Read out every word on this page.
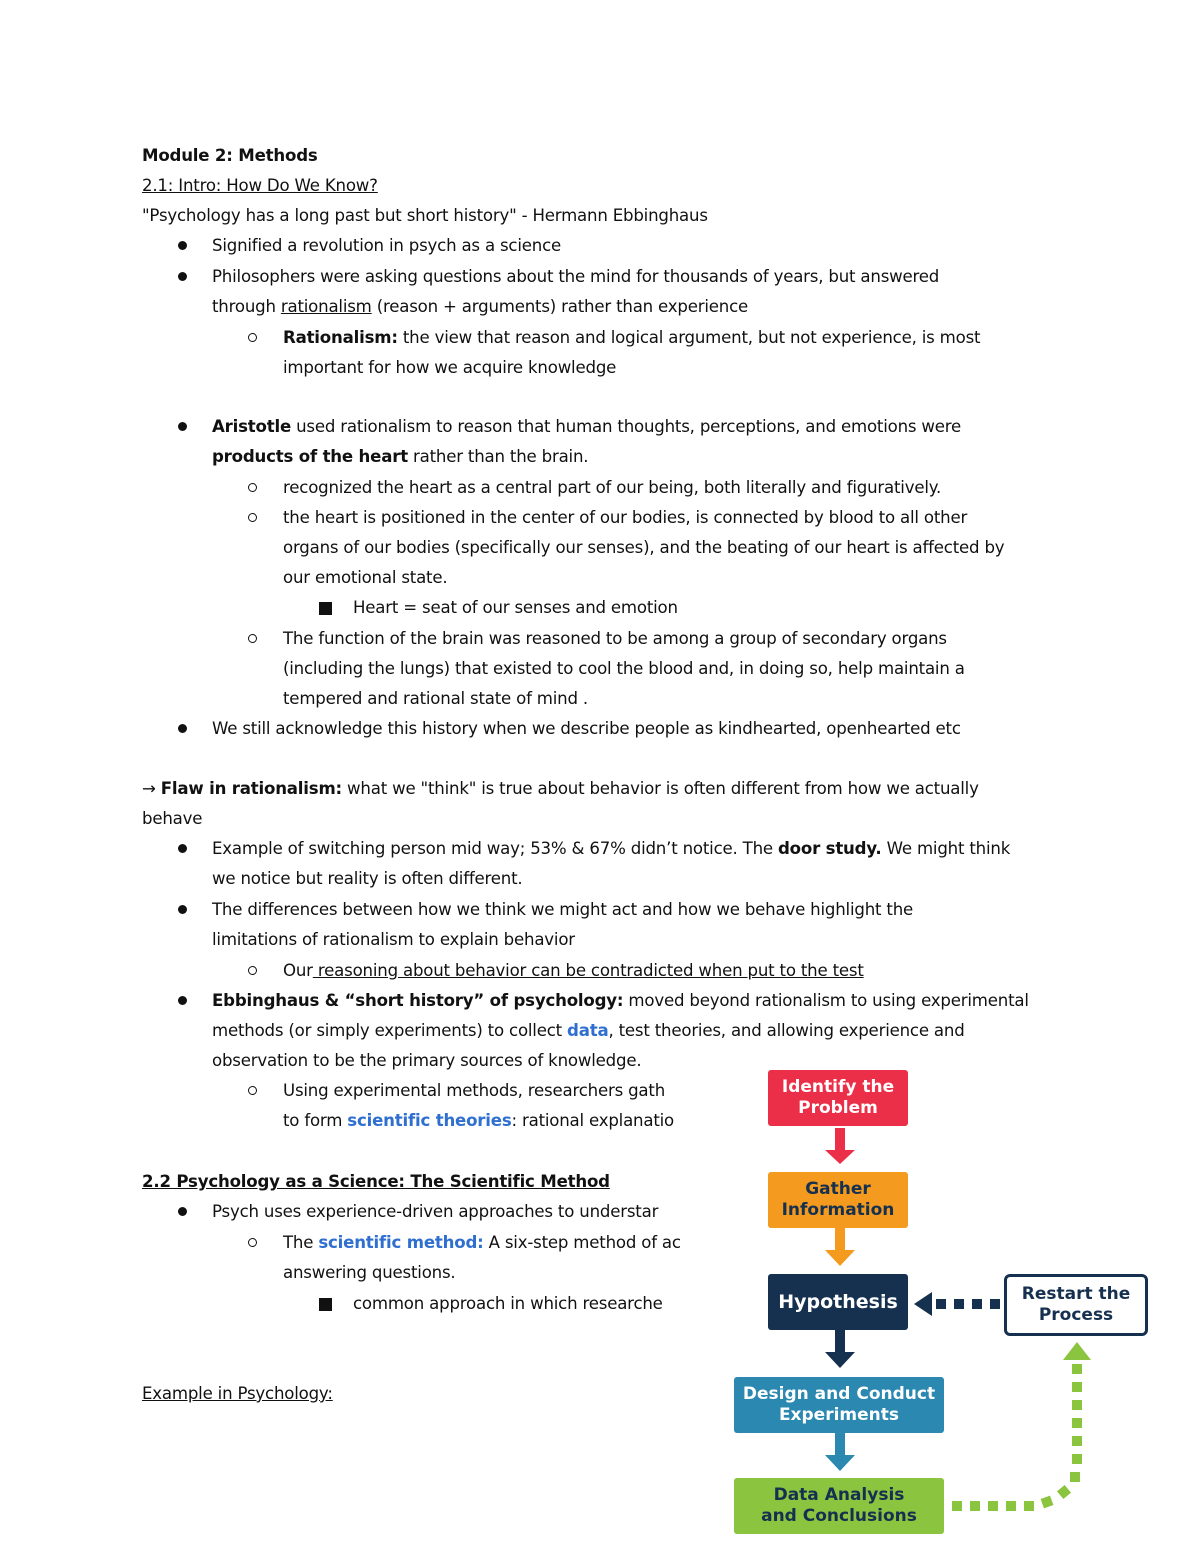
Module 2: Methods
2.1: Intro: How Do We Know?
"Psychology has a long past but short history" - Hermann Ebbinghaus
Signified a revolution in psych as a science
Philosophers were asking questions about the mind for thousands of years, but answered
through rationalism (reason + arguments) rather than experience
Rationalism: the view that reason and logical argument, but not experience, is most
important for how we acquire knowledge
Aristotle used rationalism to reason that human thoughts, perceptions, and emotions were
products of the heart rather than the brain.
recognized the heart as a central part of our being, both literally and figuratively.
the heart is positioned in the center of our bodies, is connected by blood to all other
organs of our bodies (specifically our senses), and the beating of our heart is affected by
our emotional state.
Heart = seat of our senses and emotion
The function of the brain was reasoned to be among a group of secondary organs
(including the lungs) that existed to cool the blood and, in doing so, help maintain a
tempered and rational state of mind .
We still acknowledge this history when we describe people as kindhearted, openhearted etc
→ Flaw in rationalism: what we "think" is true about behavior is often different from how we actually
behave
Example of switching person mid way; 53% & 67% didn’t notice. The door study. We might think
we notice but reality is often different.
The differences between how we think we might act and how we behave highlight the
limitations of rationalism to explain behavior
Our reasoning about behavior can be contradicted when put to the test
Ebbinghaus & “short history” of psychology: moved beyond rationalism to using experimental
methods (or simply experiments) to collect data, test theories, and allowing experience and
observation to be the primary sources of knowledge.
Using experimental methods, researchers gath
to form scientific theories: rational explanatio
2.2 Psychology as a Science: The Scientific Method
Psych uses experience-driven approaches to understar
The scientific method: A six-step method of ac
answering questions.
common approach in which researche
Example in Psychology:
Identify the
Problem
Gather
Information
Hypothesis
Design and Conduct
Experiments
Data Analysis
and Conclusions
Restart the
Process
